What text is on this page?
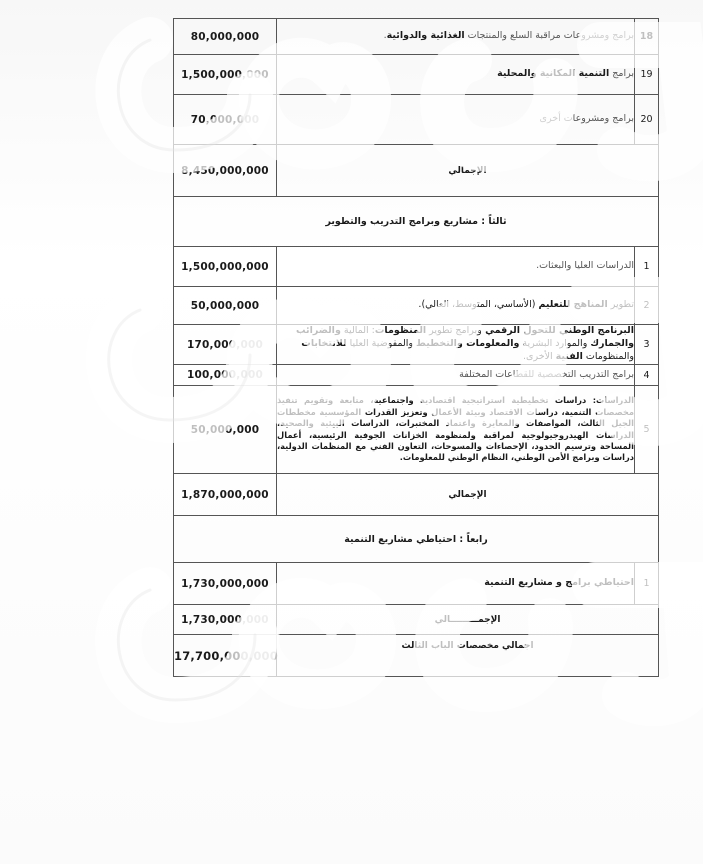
80,000,000	برامج ومشروعات مراقبة السلع والمنتجات الغذائية والدوائية.	18
1,500,000,000	برامج التنمية المكانية والمحلية	19
70,000,000	برامج ومشروعات أخرى	20
8,450,000,000	الإجمالي	
ثالثاً : مشاريع وبرامج التدريب والتطوير		
1,500,000,000	الدراسات العليا والبعثات.	1
50,000,000	تطوير المناهج للتعليم (الأساسي، المتوسط، العالي).	2
170,000,000	البرنامج الوطني للتحول الرقمي وبرامج تطوير المنظومات: المالية والضرائب والجمارك والموارد البشرية والمعلومات والتخطيط والمفوضية العليا للانتخابات والمنظومات الفنية الأخرى.	3
100,000,000	برامج التدريب التخصصية للقطاعات المختلفة	4
50,000,000	الدراسات: دراسات تخطيطية استراتيجية اقتصادية واجتماعية، متابعة وتقويم تنفيذ مخصصات التنمية، دراسات الاقتصاد وبيئة الأعمال وتعزيز القدرات المؤسسية مخططات الجيل الثالث، المواصفات والمعايرة واعتماد المختبرات، الدراسات البيئية والصحية، الدراسات الهيدروجيولوجية لمراقبة ولمنظومة الخزانات الجوفية الرئيسية، أعمال المساحة وترسيم الحدود، الإحصاءات والمسوحات، التعاون الفني مع المنظمات الدولية، دراسات وبرامج الأمن الوطني، النظام الوطني للمعلومات.	5
1,870,000,000	الإجمالي	
رابعاً : احتياطي مشاريع التنمية		
1,730,000,000	احتياطي برامج و مشاريع التنمية	1
1,730,000,000	الإجمـــــــــالي	
17,700,000,000	اجمالي مخصصات الباب الثالث	
